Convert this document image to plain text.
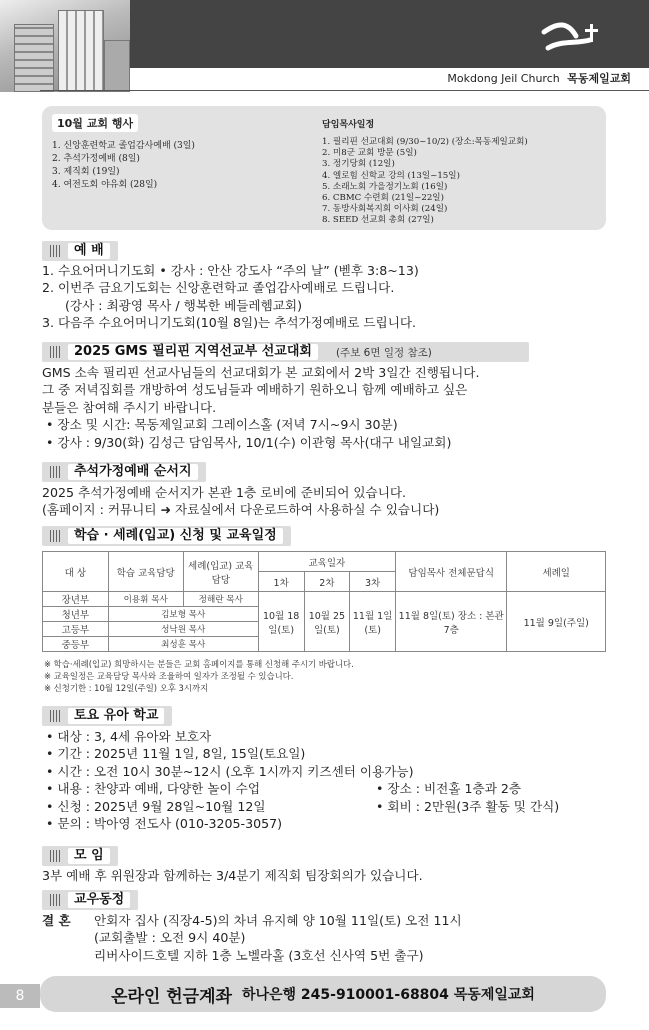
Mokdong Jeil Church 목동제일교회
10월 교회 행사
1. 신앙훈련학교 졸업감사예배 (3일)
2. 추석가정예배 (8일)
3. 제직회 (19일)
4. 여전도회 야유회 (28일)
담임목사일정
1. 필리핀 선교대회 (9/30~10/2) (장소:목동제일교회)
2. 미8군 교회 방문 (5일)
3. 정기당회 (12일)
4. 엘로힘 신학교 강의 (13일~15일)
5. 소래노회 가을정기노회 (16일)
6. CBMC 수련회 (21일~22일)
7. 동방사회복지회 이사회 (24일)
8. SEED 선교회 총회 (27일)
예 배
1. 수요어머니기도회 • 강사 : 안산 강도사 “주의 날” (벧후 3:8~13)
2. 이번주 금요기도회는 신앙훈련학교 졸업감사예배로 드립니다.
(강사 : 최광영 목사 / 행복한 베들레헴교회)
3. 다음주 수요어머니기도회(10월 8일)는 추석가정예배로 드립니다.
2025 GMS 필리핀 지역선교부 선교대회	(주보 6면 일정 참조)
GMS 소속 필리핀 선교사님들의 선교대회가 본 교회에서 2박 3일간 진행됩니다.
그 중 저녁집회를 개방하여 성도님들과 예배하기 원하오니 함께 예배하고 싶은
분들은 참여해 주시기 바랍니다.
• 장소 및 시간: 목동제일교회 그레이스홀 (저녁 7시~9시 30분)
• 강사 : 9/30(화) 김성근 담임목사, 10/1(수) 이관형 목사(대구 내일교회)
추석가정예배 순서지
2025 추석가정예배 순서지가 본관 1층 로비에 준비되어 있습니다.
(홈페이지 : 커뮤니티 ➜ 자료실에서 다운로드하여 사용하실 수 있습니다)
학습 · 세례(입교) 신청 및 교육일정
대 상	학습 교육담당	세례(입교) 교육담당	교육일자			담임목사 전체문답식	세례일
			1차	2차	3차		
장년부	이용휘 목사	정해란 목사	10월 18일(토)	10월 25일(토)	11월 1일(토)	11월 8일(토) 장소 : 본관 7층	11월 9일(주일)
청년부	김보형 목사						
고등부	성낙원 목사						
중등부	최성훈 목사						
※ 학습·세례(입교) 희망하시는 분들은 교회 홈페이지를 통해 신청해 주시기 바랍니다.
※ 교육일정은 교육담당 목사와 조율하여 일자가 조정될 수 있습니다.
※ 신청기한 : 10월 12일(주일) 오후 3시까지
토요 유아 학교
• 대상 : 3, 4세 유아와 보호자
• 기간 : 2025년 11월 1일, 8일, 15일(토요일)
• 시간 : 오전 10시 30분~12시 (오후 1시까지 키즈센터 이용가능)
• 내용 : 찬양과 예배, 다양한 놀이 수업	• 장소 : 비전홀 1층과 2층
• 신청 : 2025년 9월 28일~10월 12일	• 회비 : 2만원(3주 활동 및 간식)
• 문의 : 박아영 전도사 (010-3205-3057)
모 임
3부 예배 후 위원장과 함께하는 3/4분기 제직회 팀장회의가 있습니다.
교우동정
결 혼	안회자 집사 (직장4-5)의 차녀 유지혜 양 10월 11일(토) 오전 11시
(교회출발 : 오전 9시 40분)
리버사이드호텔 지하 1층 노벨라홀 (3호선 신사역 5번 출구)
8	온라인 헌금계좌 하나은행 245-910001-68804 목동제일교회
